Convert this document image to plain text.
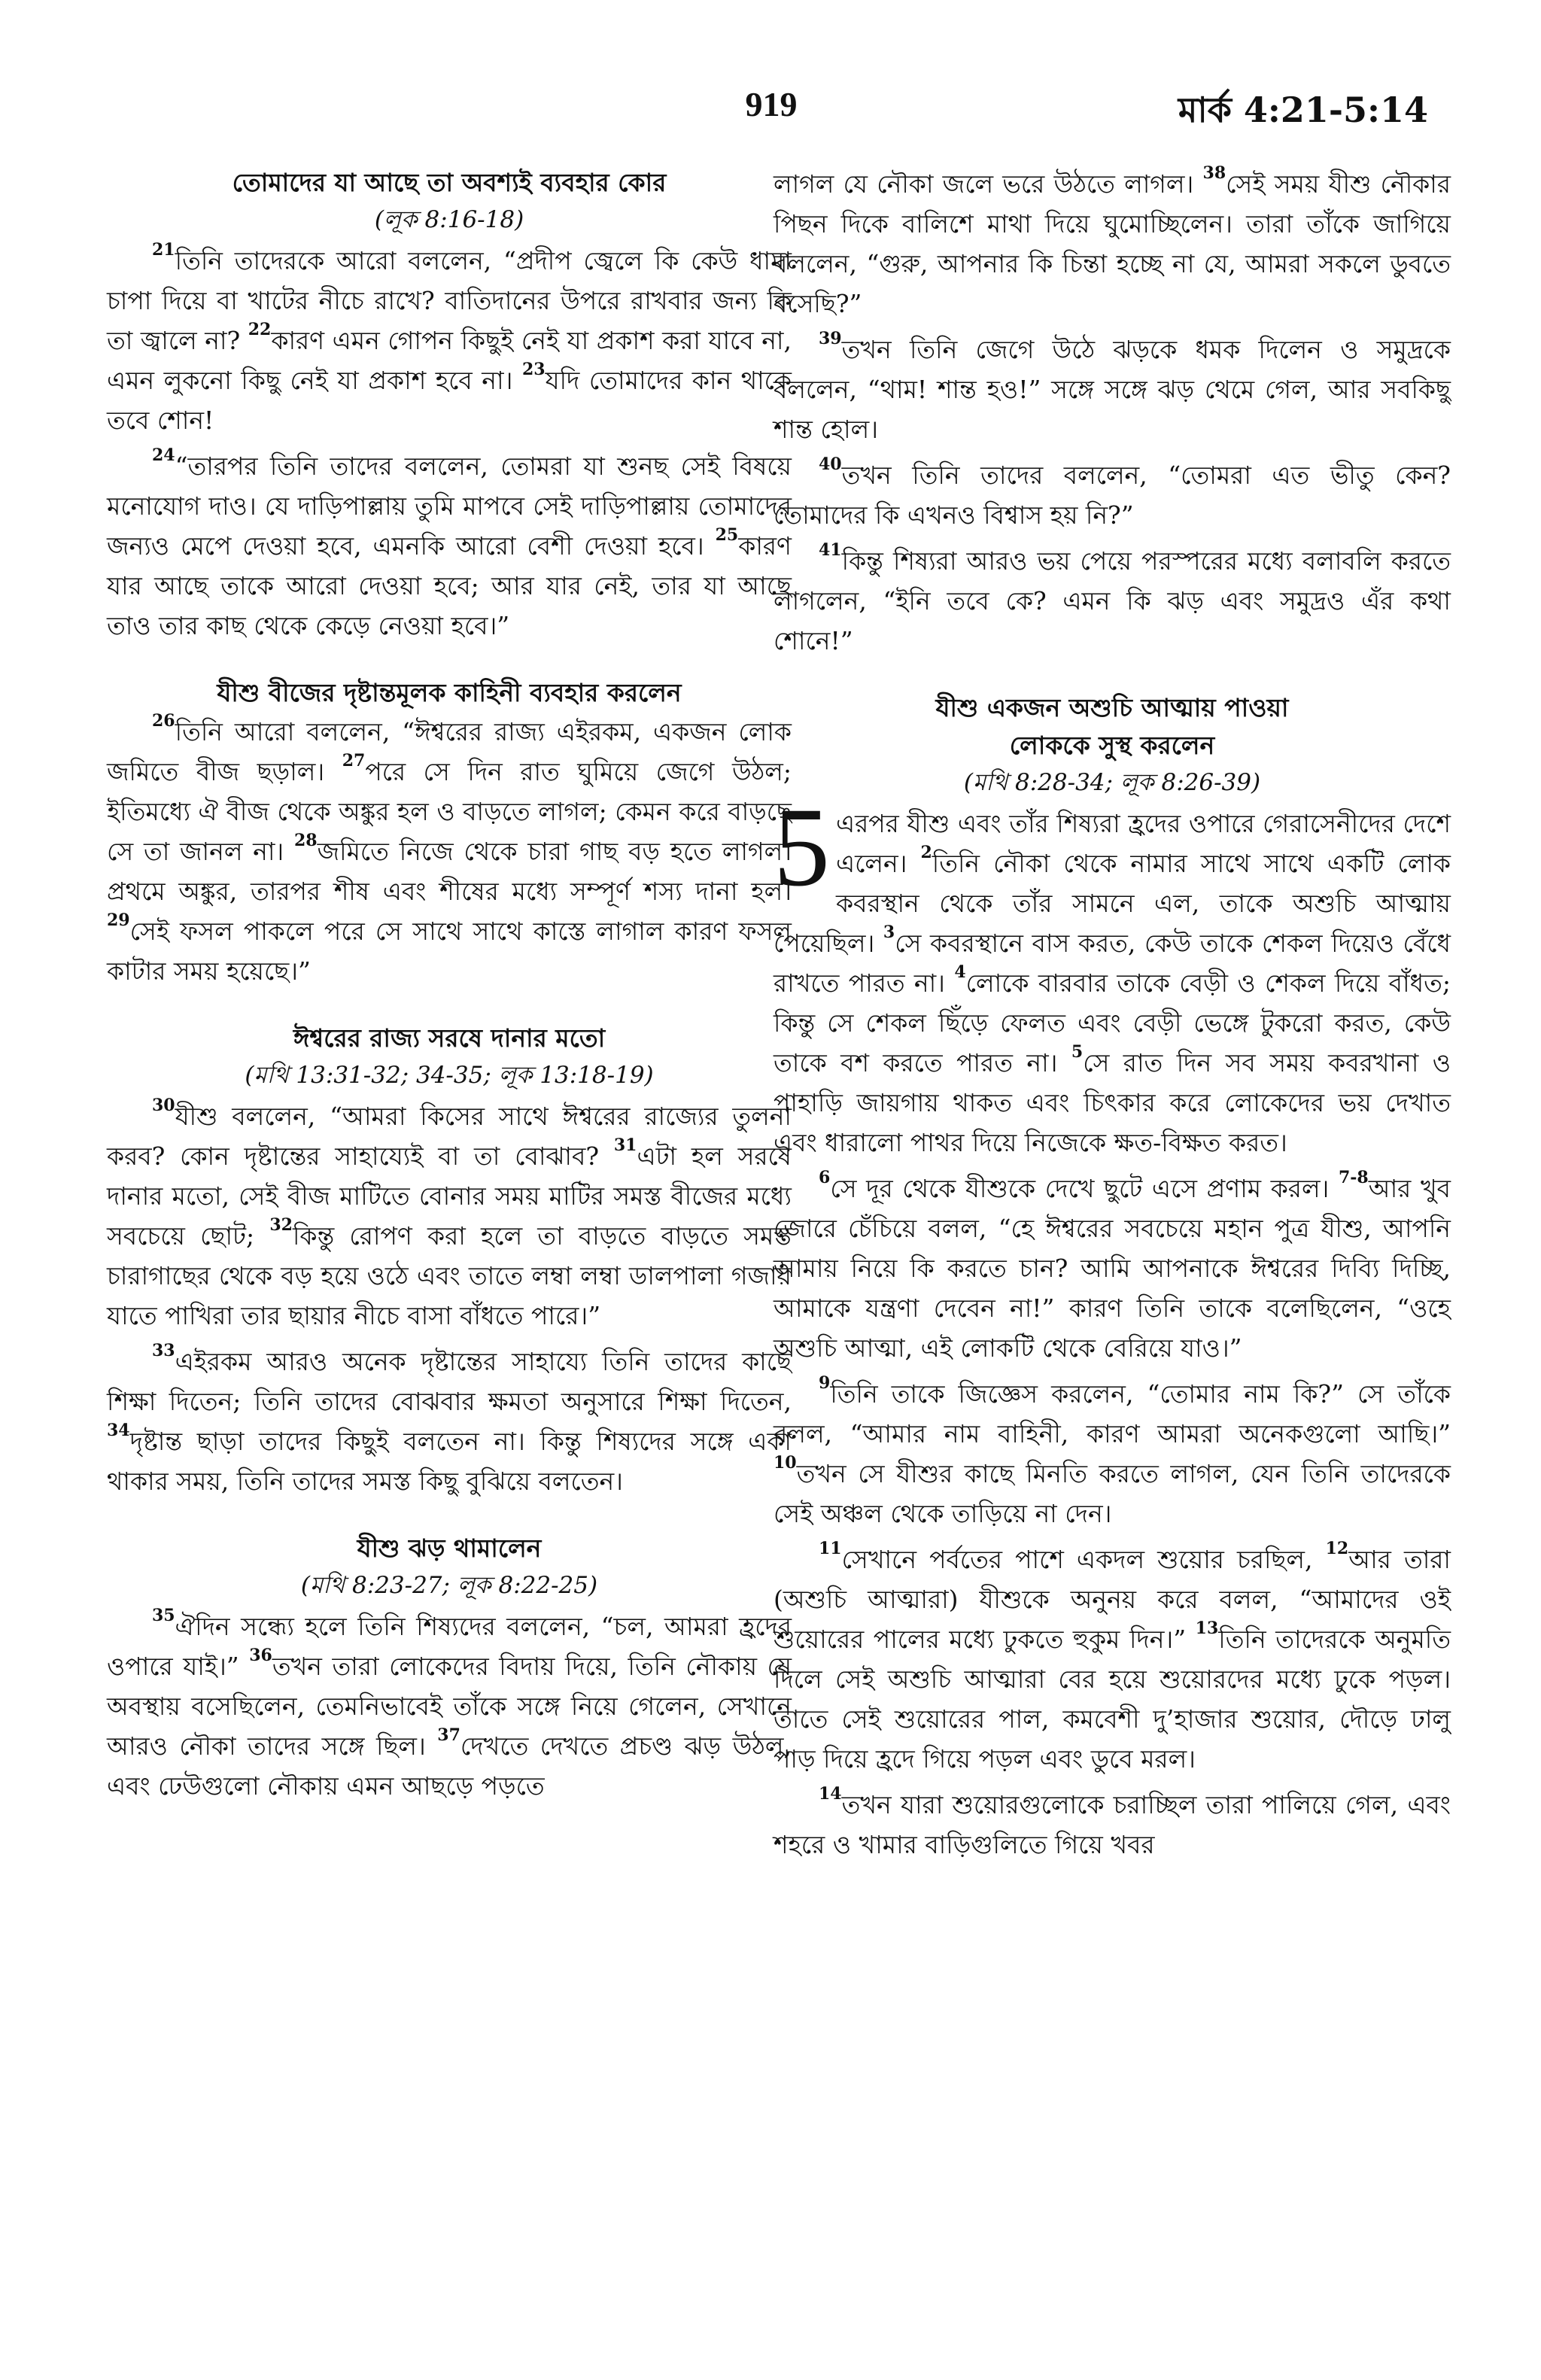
919	মার্ক 4:21-5:14
তোমাদের যা আছে তা অবশ্যই ব্যবহার কোর
(লূক 8:16-18)

$^{21}$তিনি তাদেরকে আরো বললেন, “প্রদীপ জ্বেলে কি কেউ ধামা চাপা দিয়ে বা খাটের নীচে রাখে? বাতিদানের উপরে রাখবার জন্য কি তা জ্বালে না? $^{22}$কারণ এমন গোপন কিছুই নেই যা প্রকাশ করা যাবে না, এমন লুকনো কিছু নেই যা প্রকাশ হবে না। $^{23}$যদি তোমাদের কান থাকে তবে শোন!

$^{24}$“তারপর তিনি তাদের বললেন, তোমরা যা শুনছ সেই বিষয়ে মনোযোগ দাও। যে দাড়িপাল্লায় তুমি মাপবে সেই দাড়িপাল্লায় তোমাদের জন্যও মেপে দেওয়া হবে, এমনকি আরো বেশী দেওয়া হবে। $^{25}$কারণ যার আছে তাকে আরো দেওয়া হবে; আর যার নেই, তার যা আছে তাও তার কাছ থেকে কেড়ে নেওয়া হবে।”

যীশু বীজের দৃষ্টান্তমূলক কাহিনী ব্যবহার করলেন

$^{26}$তিনি আরো বললেন, “ঈশ্বরের রাজ্য এইরকম, একজন লোক জমিতে বীজ ছড়াল। $^{27}$পরে সে দিন রাত ঘুমিয়ে জেগে উঠল; ইতিমধ্যে ঐ বীজ থেকে অঙ্কুর হল ও বাড়তে লাগল; কেমন করে বাড়ছে সে তা জানল না। $^{28}$জমিতে নিজে থেকে চারা গাছ বড় হতে লাগল। প্রথমে অঙ্কুর, তারপর শীষ এবং শীষের মধ্যে সম্পূর্ণ শস্য দানা হল। $^{29}$সেই ফসল পাকলে পরে সে সাথে সাথে কাস্তে লাগাল কারণ ফসল কাটার সময় হয়েছে।”

ঈশ্বরের রাজ্য সরষে দানার মতো
(মথি 13:31-32; 34-35; লূক 13:18-19)

$^{30}$যীশু বললেন, “আমরা কিসের সাথে ঈশ্বরের রাজ্যের তুলনা করব? কোন দৃষ্টান্তের সাহায্যেই বা তা বোঝাব? $^{31}$এটা হল সরষে দানার মতো, সেই বীজ মাটিতে বোনার সময় মাটির সমস্ত বীজের মধ্যে সবচেয়ে ছোট; $^{32}$কিন্তু রোপণ করা হলে তা বাড়তে বাড়তে সমস্ত চারাগাছের থেকে বড় হয়ে ওঠে এবং তাতে লম্বা লম্বা ডালপালা গজায় যাতে পাখিরা তার ছায়ার নীচে বাসা বাঁধতে পারে।”

$^{33}$এইরকম আরও অনেক দৃষ্টান্তের সাহায্যে তিনি তাদের কাছে শিক্ষা দিতেন; তিনি তাদের বোঝবার ক্ষমতা অনুসারে শিক্ষা দিতেন, $^{34}$দৃষ্টান্ত ছাড়া তাদের কিছুই বলতেন না। কিন্তু শিষ্যদের সঙ্গে একা থাকার সময়, তিনি তাদের সমস্ত কিছু বুঝিয়ে বলতেন।

যীশু ঝড় থামালেন
(মথি 8:23-27; লূক 8:22-25)

$^{35}$ঐদিন সন্ধ্যে হলে তিনি শিষ্যদের বললেন, “চল, আমরা হ্রদের ওপারে যাই।” $^{36}$তখন তারা লোকেদের বিদায় দিয়ে, তিনি নৌকায় যে অবস্থায় বসেছিলেন, তেমনিভাবেই তাঁকে সঙ্গে নিয়ে গেলেন, সেখানে আরও নৌকা তাদের সঙ্গে ছিল। $^{37}$দেখতে দেখতে প্রচণ্ড ঝড় উঠল, এবং ঢেউগুলো নৌকায় এমন আছড়ে পড়তে

লাগল যে নৌকা জলে ভরে উঠতে লাগল। $^{38}$সেই সময় যীশু নৌকার পিছন দিকে বালিশে মাথা দিয়ে ঘুমোচ্ছিলেন। তারা তাঁকে জাগিয়ে বললেন, “গুরু, আপনার কি চিন্তা হচ্ছে না যে, আমরা সকলে ডুবতে বসেছি?”

$^{39}$তখন তিনি জেগে উঠে ঝড়কে ধমক দিলেন ও সমুদ্রকে বললেন, “থাম! শান্ত হও!” সঙ্গে সঙ্গে ঝড় থেমে গেল, আর সবকিছু শান্ত হোল।

$^{40}$তখন তিনি তাদের বললেন, “তোমরা এত ভীতু কেন? তোমাদের কি এখনও বিশ্বাস হয় নি?”

$^{41}$কিন্তু শিষ্যরা আরও ভয় পেয়ে পরস্পরের মধ্যে বলাবলি করতে লাগলেন, “ইনি তবে কে? এমন কি ঝড় এবং সমুদ্রও এঁর কথা শোনে!”

যীশু একজন অশুচি আত্মায় পাওয়া
লোককে সুস্থ করলেন
(মথি 8:28-34; লূক 8:26-39)

5 এরপর যীশু এবং তাঁর শিষ্যরা হ্রদের ওপারে গেরাসেনীদের দেশে এলেন। $^2$তিনি নৌকা থেকে নামার সাথে সাথে একটি লোক কবরস্থান থেকে তাঁর সামনে এল, তাকে অশুচি আত্মায় পেয়েছিল। $^3$সে কবরস্থানে বাস করত, কেউ তাকে শেকল দিয়েও বেঁধে রাখতে পারত না। $^4$লোকে বারবার তাকে বেড়ী ও শেকল দিয়ে বাঁধত; কিন্তু সে শেকল ছিঁড়ে ফেলত এবং বেড়ী ভেঙ্গে টুকরো করত, কেউ তাকে বশ করতে পারত না। $^5$সে রাত দিন সব সময় কবরখানা ও পাহাড়ি জায়গায় থাকত এবং চিৎকার করে লোকেদের ভয় দেখাত এবং ধারালো পাথর দিয়ে নিজেকে ক্ষত-বিক্ষত করত।

$^6$সে দূর থেকে যীশুকে দেখে ছুটে এসে প্রণাম করল। $^{7-8}$আর খুব জোরে চেঁচিয়ে বলল, “হে ঈশ্বরের সবচেয়ে মহান পুত্র যীশু, আপনি আমায় নিয়ে কি করতে চান? আমি আপনাকে ঈশ্বরের দিব্যি দিচ্ছি, আমাকে যন্ত্রণা দেবেন না!” কারণ তিনি তাকে বলেছিলেন, “ওহে অশুচি আত্মা, এই লোকটি থেকে বেরিয়ে যাও।”

$^9$তিনি তাকে জিজ্ঞেস করলেন, “তোমার নাম কি?” সে তাঁকে বলল, “আমার নাম বাহিনী, কারণ আমরা অনেকগুলো আছি।” $^{10}$তখন সে যীশুর কাছে মিনতি করতে লাগল, যেন তিনি তাদেরকে সেই অঞ্চল থেকে তাড়িয়ে না দেন।

$^{11}$সেখানে পর্বতের পাশে একদল শুয়োর চরছিল, $^{12}$আর তারা (অশুচি আত্মারা) যীশুকে অনুনয় করে বলল, “আমাদের ওই শুয়োরের পালের মধ্যে ঢুকতে হুকুম দিন।” $^{13}$তিনি তাদেরকে অনুমতি দিলে সেই অশুচি আত্মারা বের হয়ে শুয়োরদের মধ্যে ঢুকে পড়ল। তাতে সেই শুয়োরের পাল, কমবেশী দু’হাজার শুয়োর, দৌড়ে ঢালু পাড় দিয়ে হ্রদে গিয়ে পড়ল এবং ডুবে মরল।

$^{14}$তখন যারা শুয়োরগুলোকে চরাচ্ছিল তারা পালিয়ে গেল, এবং শহরে ও খামার বাড়িগুলিতে গিয়ে খবর
